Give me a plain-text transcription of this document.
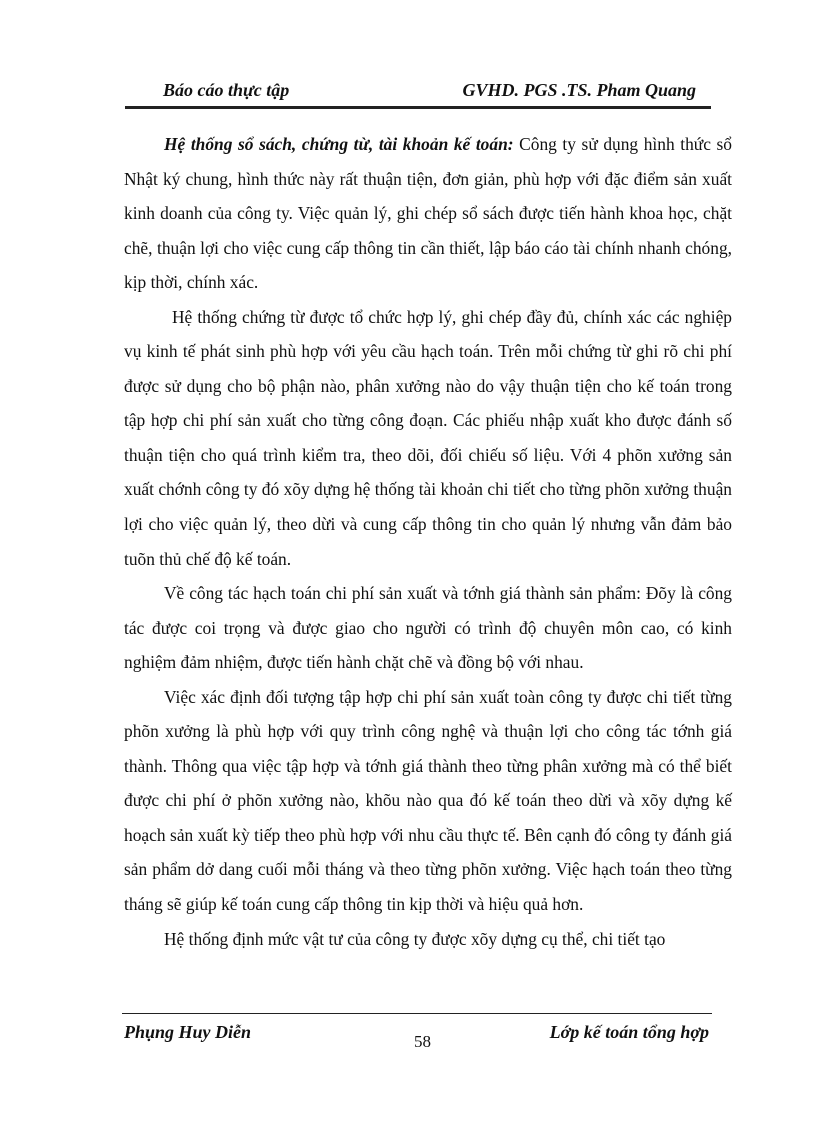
Báo cáo thực tập	GVHD. PGS .TS. Pham Quang

Hệ thống sổ sách, chứng từ, tài khoản kế toán: Công ty sử dụng hình thức sổ Nhật ký chung, hình thức này rất thuận tiện, đơn giản, phù hợp với đặc điểm sản xuất kinh doanh của công ty. Việc quản lý, ghi chép sổ sách được tiến hành khoa học, chặt chẽ, thuận lợi cho việc cung cấp thông tin cần thiết, lập báo cáo tài chính nhanh chóng, kịp thời, chính xác.

Hệ thống chứng từ được tổ chức hợp lý, ghi chép đầy đủ, chính xác các nghiệp vụ kinh tế phát sinh phù hợp với yêu cầu hạch toán. Trên mỗi chứng từ ghi rõ chi phí được sử dụng cho bộ phận nào, phân xưởng nào do vậy thuận tiện cho kế toán trong tập hợp chi phí sản xuất cho từng công đoạn. Các phiếu nhập xuất kho được đánh số thuận tiện cho quá trình kiểm tra, theo dõi, đối chiếu số liệu. Với 4 phõn xưởng sản xuất chớnh công ty đó xõy dựng hệ thống tài khoản chi tiết cho từng phõn xưởng thuận lợi cho việc quản lý, theo dừi và cung cấp thông tin cho quản lý nhưng vẫn đảm bảo tuõn thủ chế độ kế toán.

Về công tác hạch toán chi phí sản xuất và tớnh giá thành sản phẩm: Đõy là công tác được coi trọng và được giao cho người có trình độ chuyên môn cao, có kinh nghiệm đảm nhiệm, được tiến hành chặt chẽ và đồng bộ với nhau.

Việc xác định đối tượng tập hợp chi phí sản xuất toàn công ty được chi tiết từng phõn xưởng là phù hợp với quy trình công nghệ và thuận lợi cho công tác tớnh giá thành. Thông qua việc tập hợp và tớnh giá thành theo từng phân xưởng mà có thể biết được chi phí ở phõn xưởng nào, khõu nào qua đó kế toán theo dừi và xõy dựng kế hoạch sản xuất kỳ tiếp theo phù hợp với nhu cầu thực tế. Bên cạnh đó công ty đánh giá sản phẩm dở dang cuối mỗi tháng và theo từng phõn xưởng. Việc hạch toán theo từng tháng sẽ giúp kế toán cung cấp thông tin kịp thời và hiệu quả hơn.

Hệ thống định mức vật tư của công ty được xõy dựng cụ thể, chi tiết tạo

Phụng Huy Diễn	58	Lớp kế toán tổng hợp
